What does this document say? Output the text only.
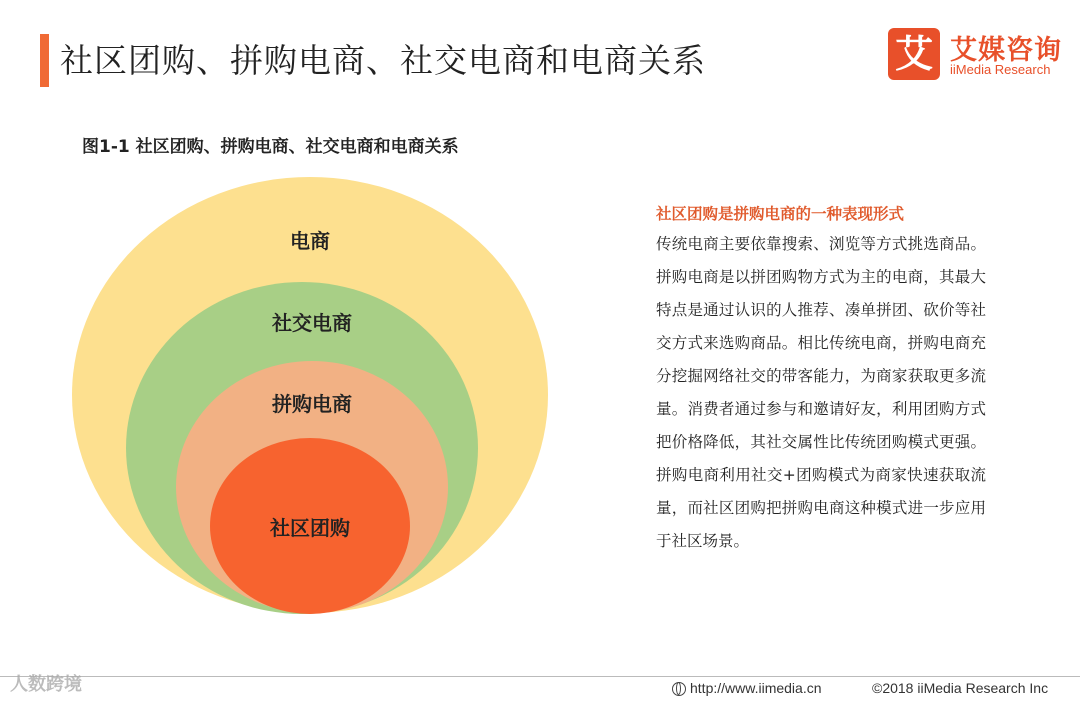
社区团购、拼购电商、社交电商和电商关系	艾 艾媒咨询
iiMedia Research
图1-1 社区团购、拼购电商、社交电商和电商关系
电商
社交电商
拼购电商
社区团购

社区团购是拼购电商的一种表现形式

传统电商主要依靠搜索、浏览等方式挑选商品。拼购电商是以拼团购物方式为主的电商，其最大特点是通过认识的人推荐、凑单拼团、砍价等社交方式来选购商品。相比传统电商，拼购电商充分挖掘网络社交的带客能力，为商家获取更多流量。消费者通过参与和邀请好友，利用团购方式把价格降低，其社交属性比传统团购模式更强。拼购电商利用社交+团购模式为商家快速获取流量，而社区团购把拼购电商这种模式进一步应用于社区场景。

人数跨境	http://www.iimedia.cn	©2018 iiMedia Research Inc
